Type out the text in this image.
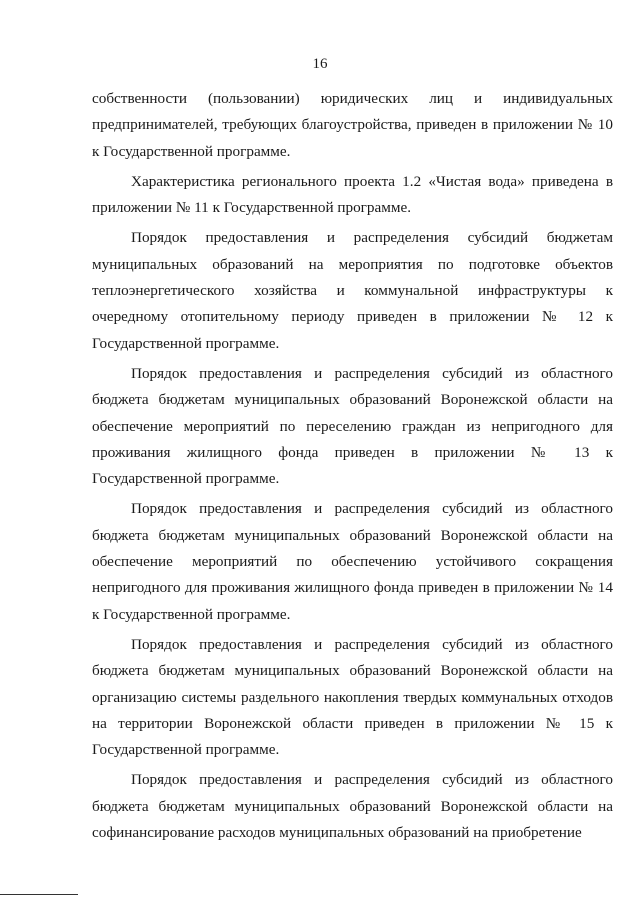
16

собственности (пользовании) юридических лиц и индивидуальных предпринимателей, требующих благоустройства, приведен в приложении № 10 к Государственной программе.

Характеристика регионального проекта 1.2 «Чистая вода» приведена в приложении № 11 к Государственной программе.

Порядок предоставления и распределения субсидий бюджетам муниципальных образований на мероприятия по подготовке объектов теплоэнергетического хозяйства и коммунальной инфраструктуры к очередному отопительному периоду приведен в приложении № 12 к Государственной программе.

Порядок предоставления и распределения субсидий из областного бюджета бюджетам муниципальных образований Воронежской области на обеспечение мероприятий по переселению граждан из непригодного для проживания жилищного фонда приведен в приложении № 13 к Государственной программе.

Порядок предоставления и распределения субсидий из областного бюджета бюджетам муниципальных образований Воронежской области на обеспечение мероприятий по обеспечению устойчивого сокращения непригодного для проживания жилищного фонда приведен в приложении № 14 к Государственной программе.

Порядок предоставления и распределения субсидий из областного бюджета бюджетам муниципальных образований Воронежской области на организацию системы раздельного накопления твердых коммунальных отходов на территории Воронежской области приведен в приложении № 15 к Государственной программе.

Порядок предоставления и распределения субсидий из областного бюджета бюджетам муниципальных образований Воронежской области на софинансирование расходов муниципальных образований на приобретение
